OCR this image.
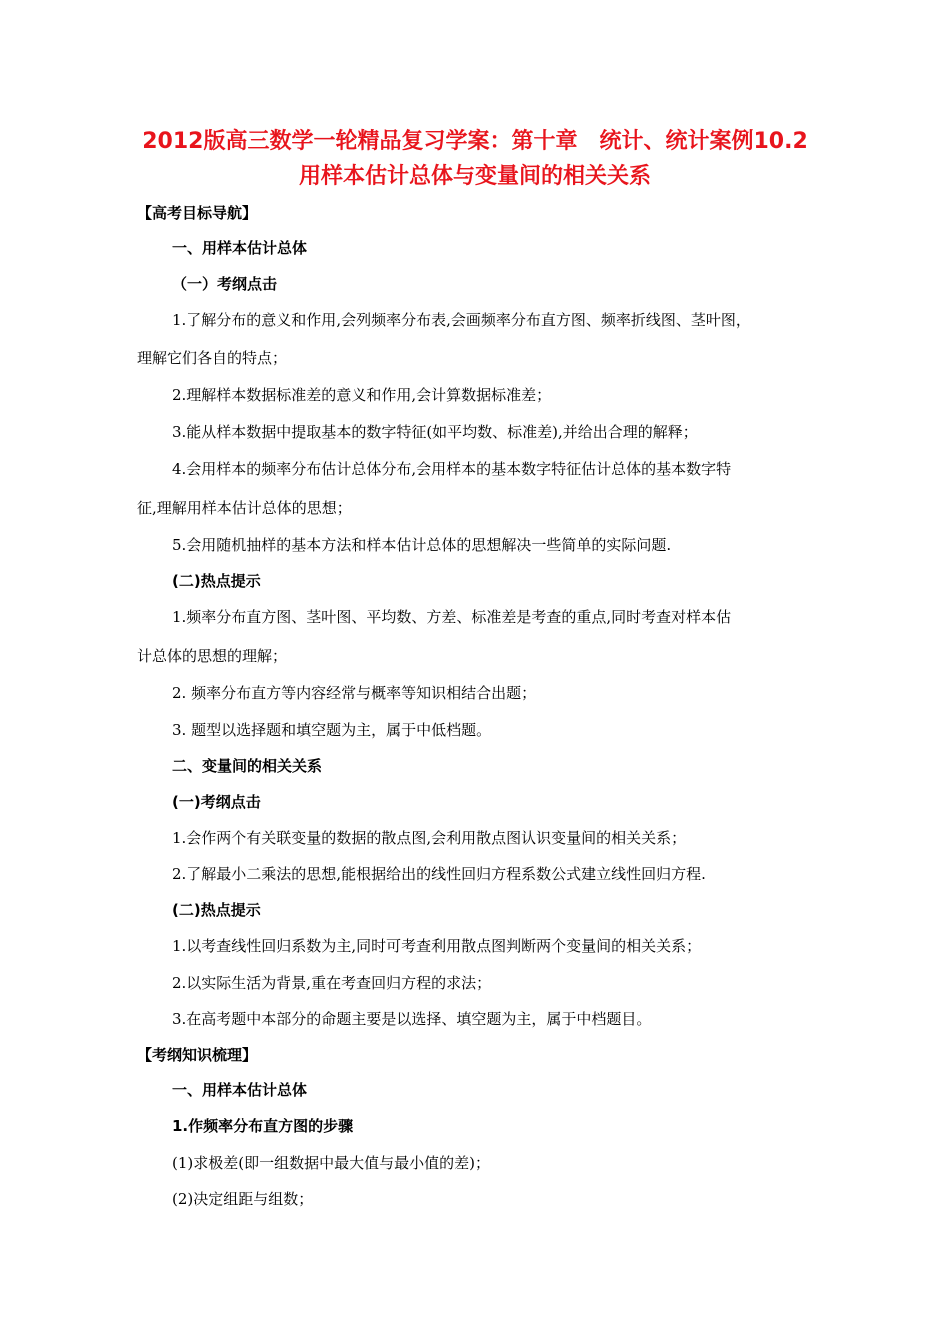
2012版高三数学一轮精品复习学案：第十章　统计、统计案例10.2
用样本估计总体与变量间的相关关系
【高考目标导航】
一、用样本估计总体
（一）考纲点击
1.了解分布的意义和作用,会列频率分布表,会画频率分布直方图、频率折线图、茎叶图，
理解它们各自的特点；
2.理解样本数据标准差的意义和作用,会计算数据标准差；
3.能从样本数据中提取基本的数字特征(如平均数、标准差),并给出合理的解释；
4.会用样本的频率分布估计总体分布,会用样本的基本数字特征估计总体的基本数字特
征,理解用样本估计总体的思想；
5.会用随机抽样的基本方法和样本估计总体的思想解决一些简单的实际问题.
(二)热点提示
1.频率分布直方图、茎叶图、平均数、方差、标准差是考查的重点,同时考查对样本估
计总体的思想的理解；
2. 频率分布直方等内容经常与概率等知识相结合出题；
3. 题型以选择题和填空题为主，属于中低档题。
二、变量间的相关关系
(一)考纲点击
1.会作两个有关联变量的数据的散点图,会利用散点图认识变量间的相关关系；
2.了解最小二乘法的思想,能根据给出的线性回归方程系数公式建立线性回归方程.
(二)热点提示
1.以考查线性回归系数为主,同时可考查利用散点图判断两个变量间的相关关系；
2.以实际生活为背景,重在考查回归方程的求法；
3.在高考题中本部分的命题主要是以选择、填空题为主，属于中档题目。
【考纲知识梳理】
一、用样本估计总体
1.作频率分布直方图的步骤
(1)求极差(即一组数据中最大值与最小值的差)；
(2)决定组距与组数；
